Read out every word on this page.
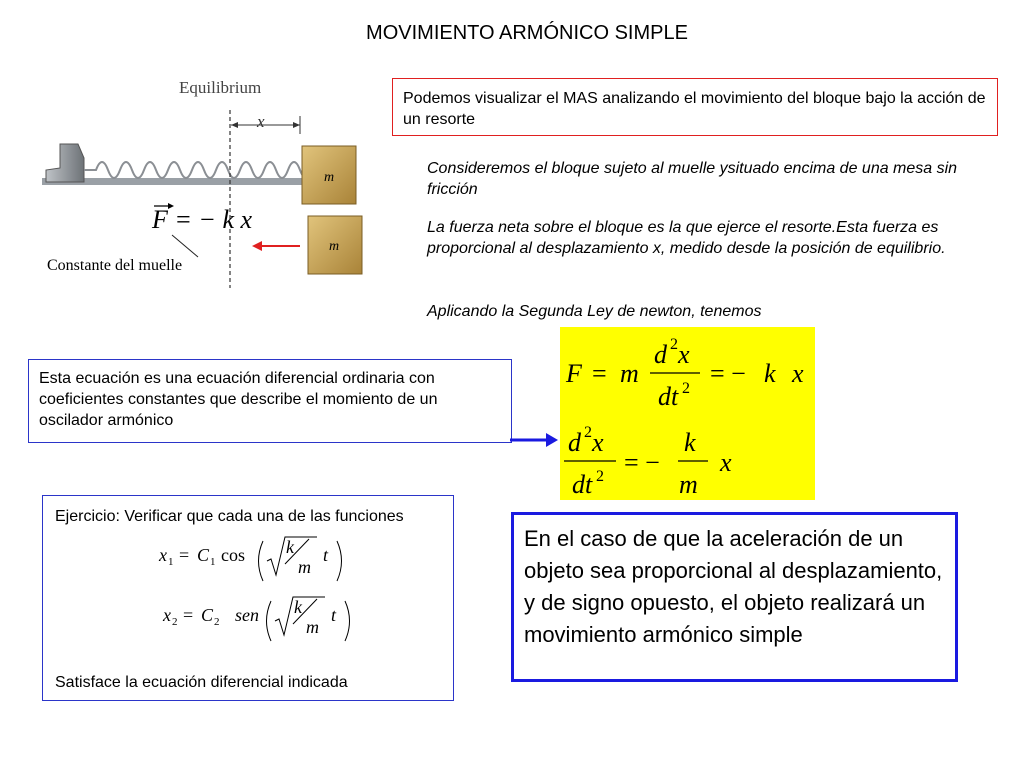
MOVIMIENTO ARMÓNICO SIMPLE
Equilibrium
x
m
m
F = − k x
Constante del muelle
Podemos visualizar el MAS analizando el movimiento del bloque bajo la acción de un resorte
Consideremos el bloque sujeto al muelle ysituado encima de una mesa sin fricción
La fuerza neta sobre el bloque es la que ejerce el resorte.Esta fuerza es proporcional al desplazamiento x, medido desde la posición de equilibrio.
Aplicando la Segunda Ley de newton, tenemos
F = m
d 2 x
dt 2
= − k x
d 2 x
dt 2 = −
k
m
x
Esta ecuación es una ecuación diferencial ordinaria con coeficientes constantes que describe el momiento de un oscilador armónico
Ejercicio: Verificar que cada una de las funciones
x 1 = C 1 cos k
m
t
x 2 = C 2 sen k
m
t
Satisface la ecuación diferencial indicada
En el caso de que la aceleración de un objeto sea proporcional al desplazamiento, y de signo opuesto, el objeto realizará un movimiento armónico simple
